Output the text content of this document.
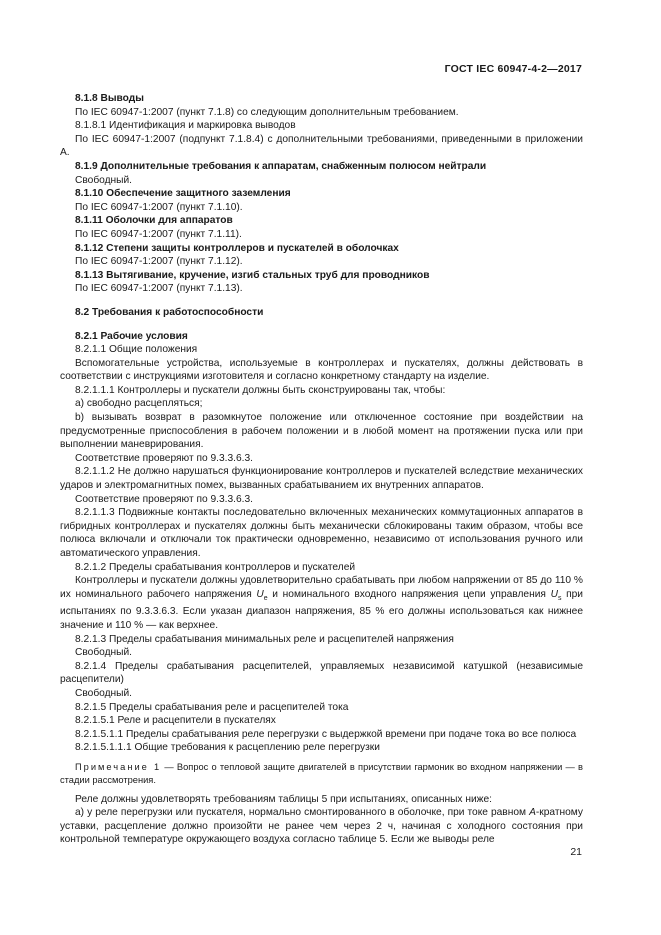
ГОСТ IEC 60947-4-2—2017

8.1.8 Выводы

По IEC 60947-1:2007 (пункт 7.1.8) со следующим дополнительным требованием.

8.1.8.1 Идентификация и маркировка выводов

По IEC 60947-1:2007 (подпункт 7.1.8.4) с дополнительными требованиями, приведенными в приложении А.

8.1.9 Дополнительные требования к аппаратам, снабженным полюсом нейтрали

Свободный.

8.1.10 Обеспечение защитного заземления

По IEC 60947-1:2007 (пункт 7.1.10).

8.1.11 Оболочки для аппаратов

По IEC 60947-1:2007 (пункт 7.1.11).

8.1.12 Степени защиты контроллеров и пускателей в оболочках

По IEC 60947-1:2007 (пункт 7.1.12).

8.1.13 Вытягивание, кручение, изгиб стальных труб для проводников

По IEC 60947-1:2007 (пункт 7.1.13).

8.2 Требования к работоспособности

8.2.1 Рабочие условия

8.2.1.1 Общие положения

Вспомогательные устройства, используемые в контроллерах и пускателях, должны действовать в соответствии с инструкциями изготовителя и согласно конкретному стандарту на изделие.

8.2.1.1.1 Контроллеры и пускатели должны быть сконструированы так, чтобы:

a) свободно расцепляться;

b) вызывать возврат в разомкнутое положение или отключенное состояние при воздействии на предусмотренные приспособления в рабочем положении и в любой момент на протяжении пуска или при выполнении маневрирования.

Соответствие проверяют по 9.3.3.6.3.

8.2.1.1.2 Не должно нарушаться функционирование контроллеров и пускателей вследствие механических ударов и электромагнитных помех, вызванных срабатыванием их внутренних аппаратов.

Соответствие проверяют по 9.3.3.6.3.

8.2.1.1.3 Подвижные контакты последовательно включенных механических коммутационных аппаратов в гибридных контроллерах и пускателях должны быть механически сблокированы таким образом, чтобы все полюса включали и отключали ток практически одновременно, независимо от использования ручного или автоматического управления.

8.2.1.2 Пределы срабатывания контроллеров и пускателей

Контроллеры и пускатели должны удовлетворительно срабатывать при любом напряжении от 85 до 110 % их номинального рабочего напряжения $U_e$ и номинального входного напряжения цепи управления $U_s$ при испытаниях по 9.3.3.6.3. Если указан диапазон напряжения, 85 % его должны использоваться как нижнее значение и 110 % — как верхнее.

8.2.1.3 Пределы срабатывания минимальных реле и расцепителей напряжения

Свободный.

8.2.1.4 Пределы срабатывания расцепителей, управляемых независимой катушкой (независимые расцепители)

Свободный.

8.2.1.5 Пределы срабатывания реле и расцепителей тока

8.2.1.5.1 Реле и расцепители в пускателях

8.2.1.5.1.1 Пределы срабатывания реле перегрузки с выдержкой времени при подаче тока во все полюса

8.2.1.5.1.1.1 Общие требования к расцеплению реле перегрузки

Примечание 1 — Вопрос о тепловой защите двигателей в присутствии гармоник во входном напряжении — в стадии рассмотрения.

Реле должны удовлетворять требованиям таблицы 5 при испытаниях, описанных ниже:

а) у реле перегрузки или пускателя, нормально смонтированного в оболочке, при токе равном А-кратному уставки, расцепление должно произойти не ранее чем через 2 ч, начиная с холодного состояния при контрольной температуре окружающего воздуха согласно таблице 5. Если же выводы реле

21
